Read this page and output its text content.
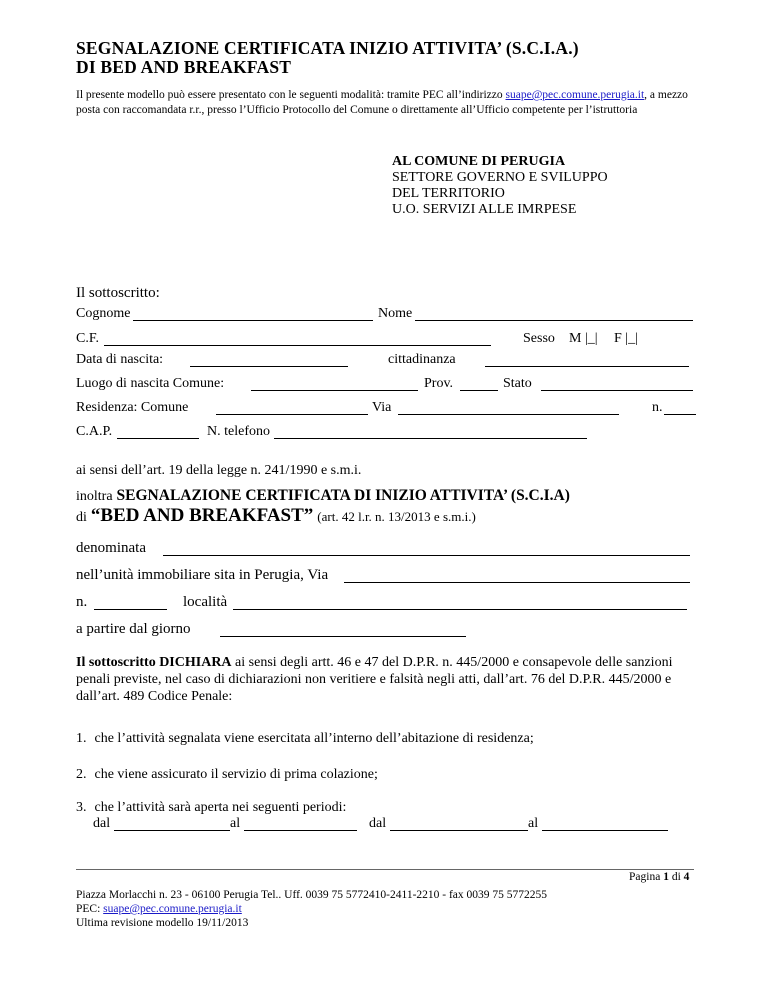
SEGNALAZIONE CERTIFICATA INIZIO ATTIVITA’ (S.C.I.A.)
DI BED AND BREAKFAST
Il presente modello può essere presentato con le seguenti modalità: tramite PEC all’indirizzo suape@pec.comune.perugia.it, a mezzo
posta con raccomandata r.r., presso l’Ufficio Protocollo del Comune o direttamente all’Ufficio competente per l’istruttoria
AL COMUNE DI PERUGIA
SETTORE GOVERNO E SVILUPPO
DEL TERRITORIO
U.O. SERVIZI ALLE IMRPESE
Il sottoscritto:
Cognome	Nome
C.F.	Sesso M |_| F |_|
Data di nascita:	cittadinanza
Luogo di nascita Comune:	Prov.	Stato
Residenza: Comune	Via	n.
C.A.P.	N. telefono
ai sensi dell’art. 19 della legge n. 241/1990 e s.m.i.
inoltra SEGNALAZIONE CERTIFICATA DI INIZIO ATTIVITA’ (S.C.I.A)
di “BED AND BREAKFAST” (art. 42 l.r. n. 13/2013 e s.m.i.)
denominata
nell’unità immobiliare sita in Perugia, Via
n.	località
a partire dal giorno
Il sottoscritto DICHIARA ai sensi degli artt. 46 e 47 del D.P.R. n. 445/2000 e consapevole delle sanzioni
penali previste, nel caso di dichiarazioni non veritiere e falsità negli atti, dall’art. 76 del D.P.R. 445/2000 e
dall’art. 489 Codice Penale:
1. che l’attività segnalata viene esercitata all’interno dell’abitazione di residenza;
2. che viene assicurato il servizio di prima colazione;
3. che l’attività sarà aperta nei seguenti periodi:
dal	al	dal	al
Pagina 1 di 4
Piazza Morlacchi n. 23 - 06100 Perugia Tel.. Uff. 0039 75 5772410-2411-2210 - fax 0039 75 5772255
PEC: suape@pec.comune.perugia.it
Ultima revisione modello 19/11/2013
